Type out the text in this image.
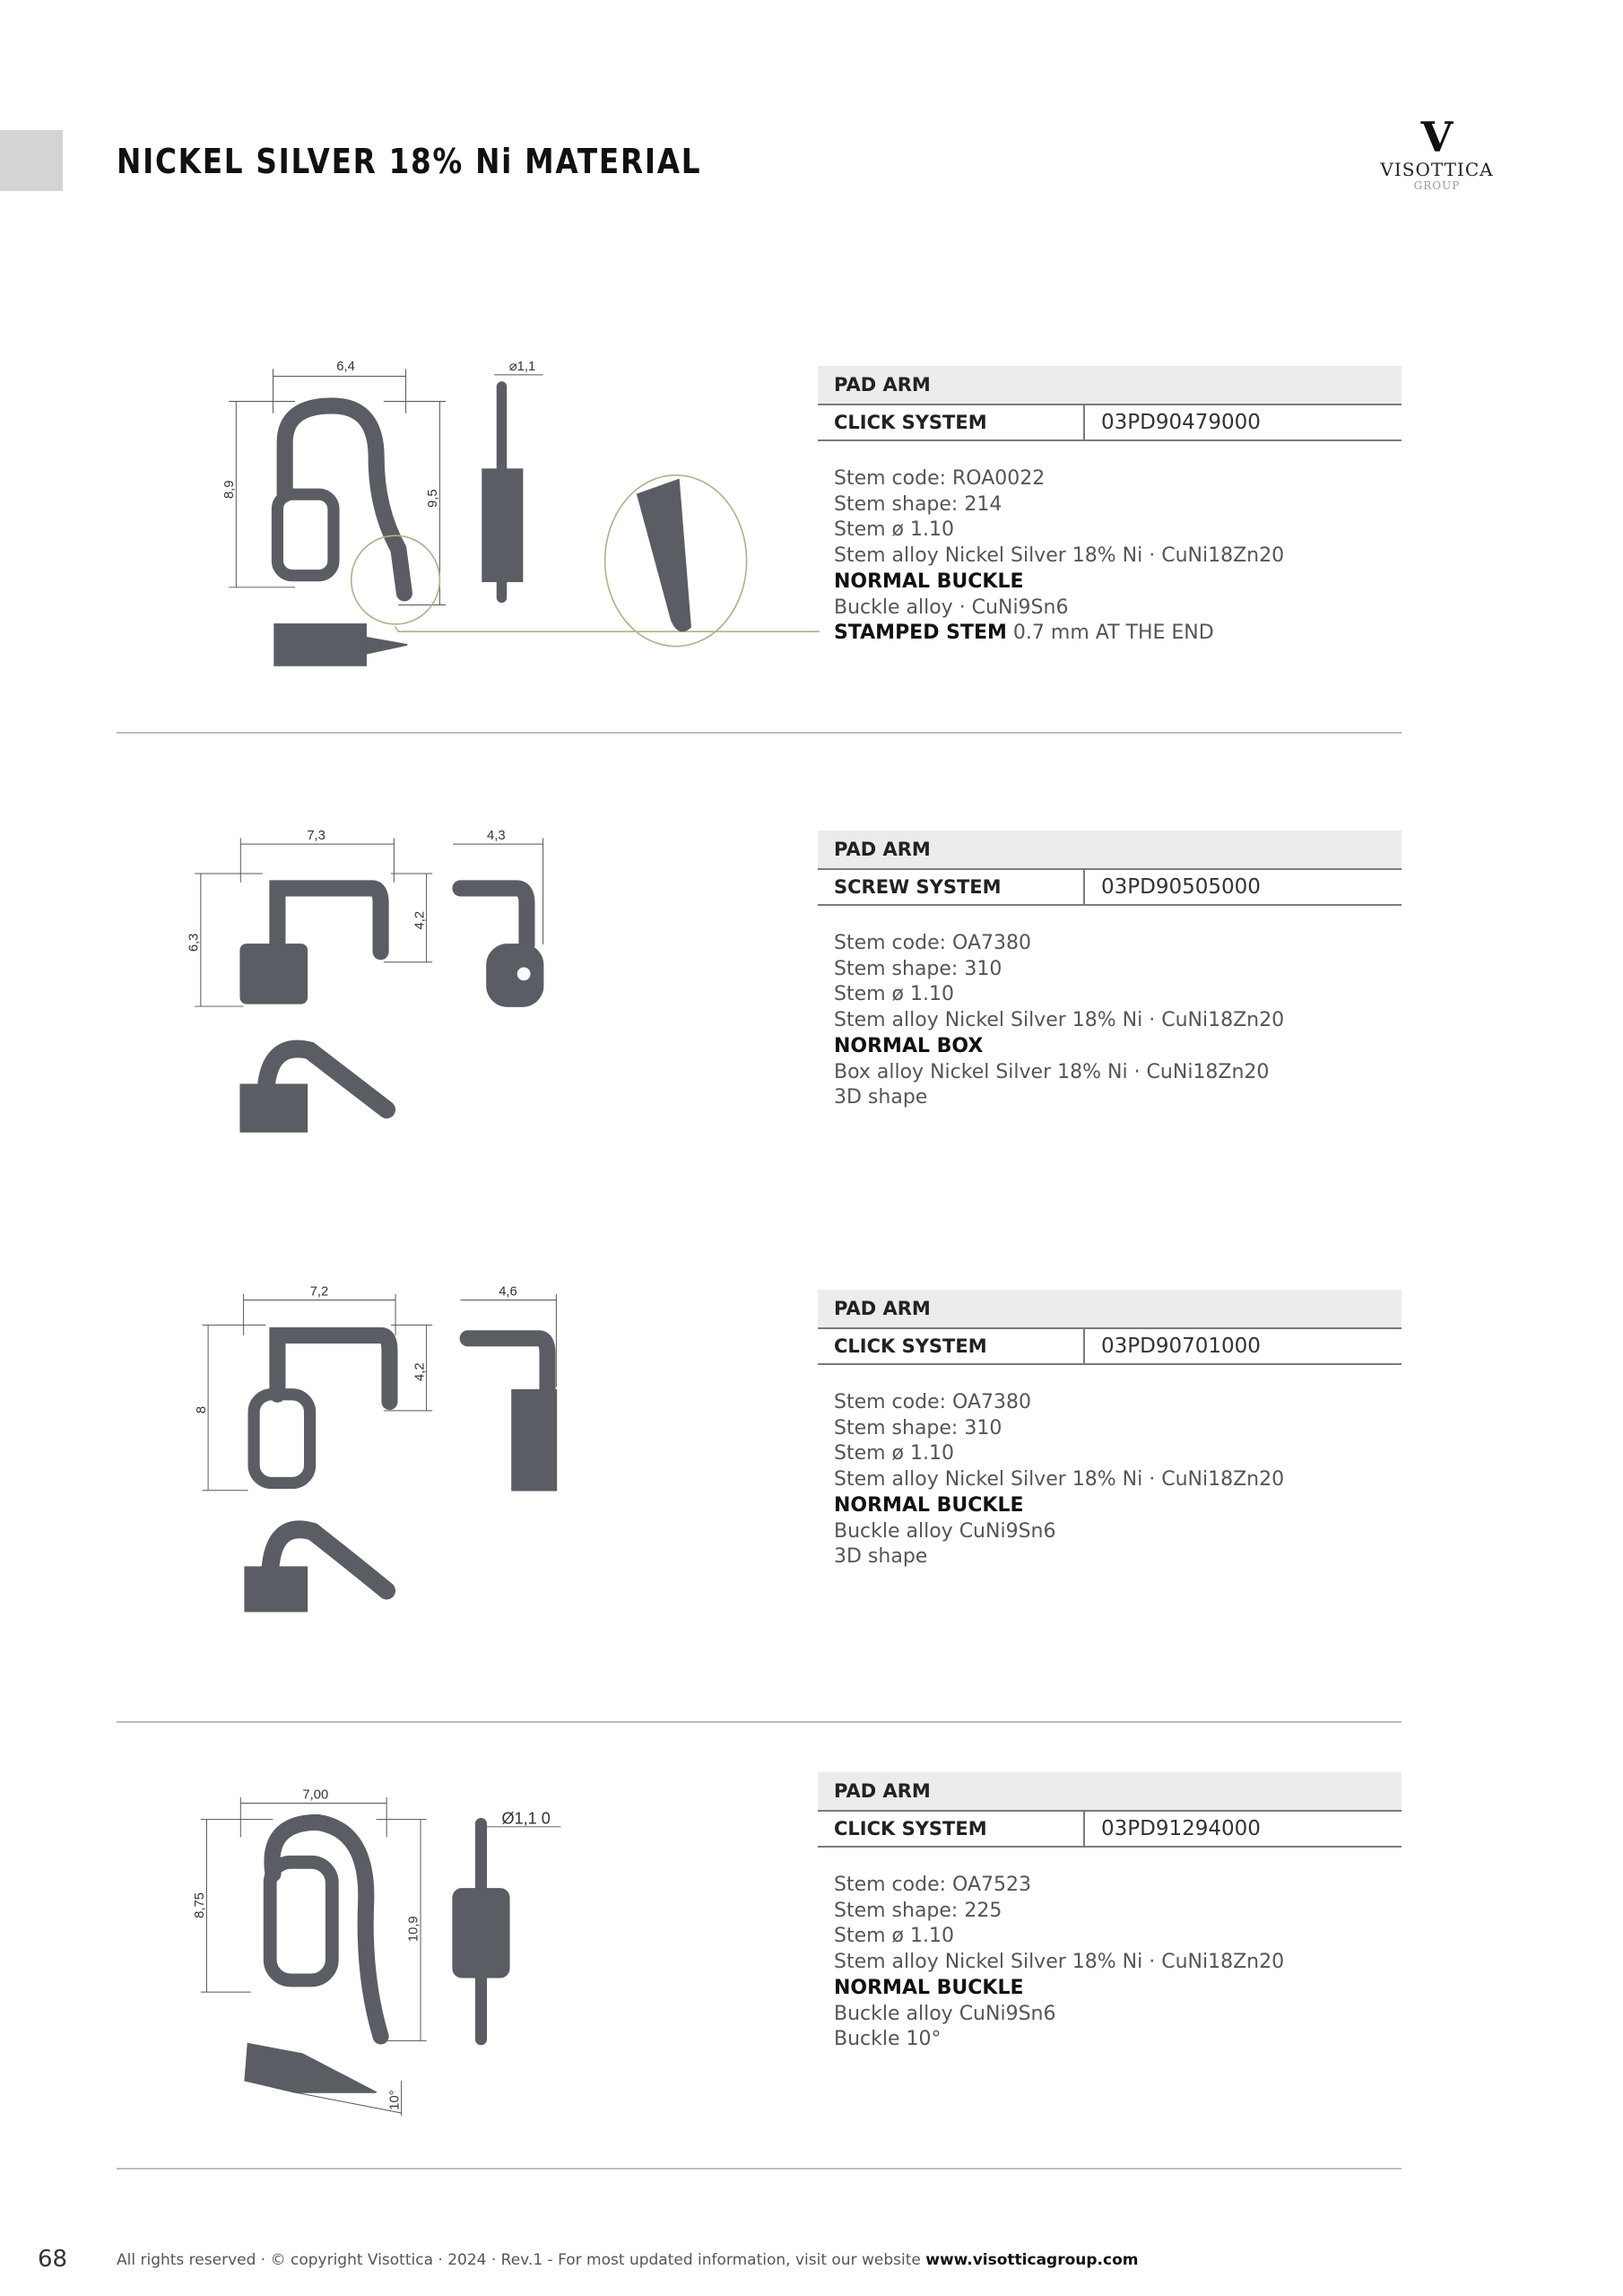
NICKEL SILVER 18% Ni MATERIAL	V
VISOTTICA
GROUP
6,4
8,9	9,5
⌀1,1
7,3
6,3
4,2
4,3
7,2
8
4,2
4,6
7,00
8,75
10,9
Ø1,1 0
10°
PAD ARM
CLICK SYSTEM	03PD90479000
Stem code: ROA0022
Stem shape: 214
Stem ø 1.10
Stem alloy Nickel Silver 18% Ni · CuNi18Zn20
NORMAL BUCKLE
Buckle alloy · CuNi9Sn6
STAMPED STEM 0.7 mm AT THE END
PAD ARM
SCREW SYSTEM	03PD90505000
Stem code: OA7380
Stem shape: 310
Stem ø 1.10
Stem alloy Nickel Silver 18% Ni · CuNi18Zn20
NORMAL BOX
Box alloy Nickel Silver 18% Ni · CuNi18Zn20
3D shape
PAD ARM
CLICK SYSTEM	03PD90701000
Stem code: OA7380
Stem shape: 310
Stem ø 1.10
Stem alloy Nickel Silver 18% Ni · CuNi18Zn20
NORMAL BUCKLE
Buckle alloy CuNi9Sn6
3D shape
PAD ARM
CLICK SYSTEM	03PD91294000
Stem code: OA7523
Stem shape: 225
Stem ø 1.10
Stem alloy Nickel Silver 18% Ni · CuNi18Zn20
NORMAL BUCKLE
Buckle alloy CuNi9Sn6
Buckle 10°
68	All rights reserved · © copyright Visottica · 2024 · Rev.1 - For most updated information, visit our website www.visotticagroup.com
